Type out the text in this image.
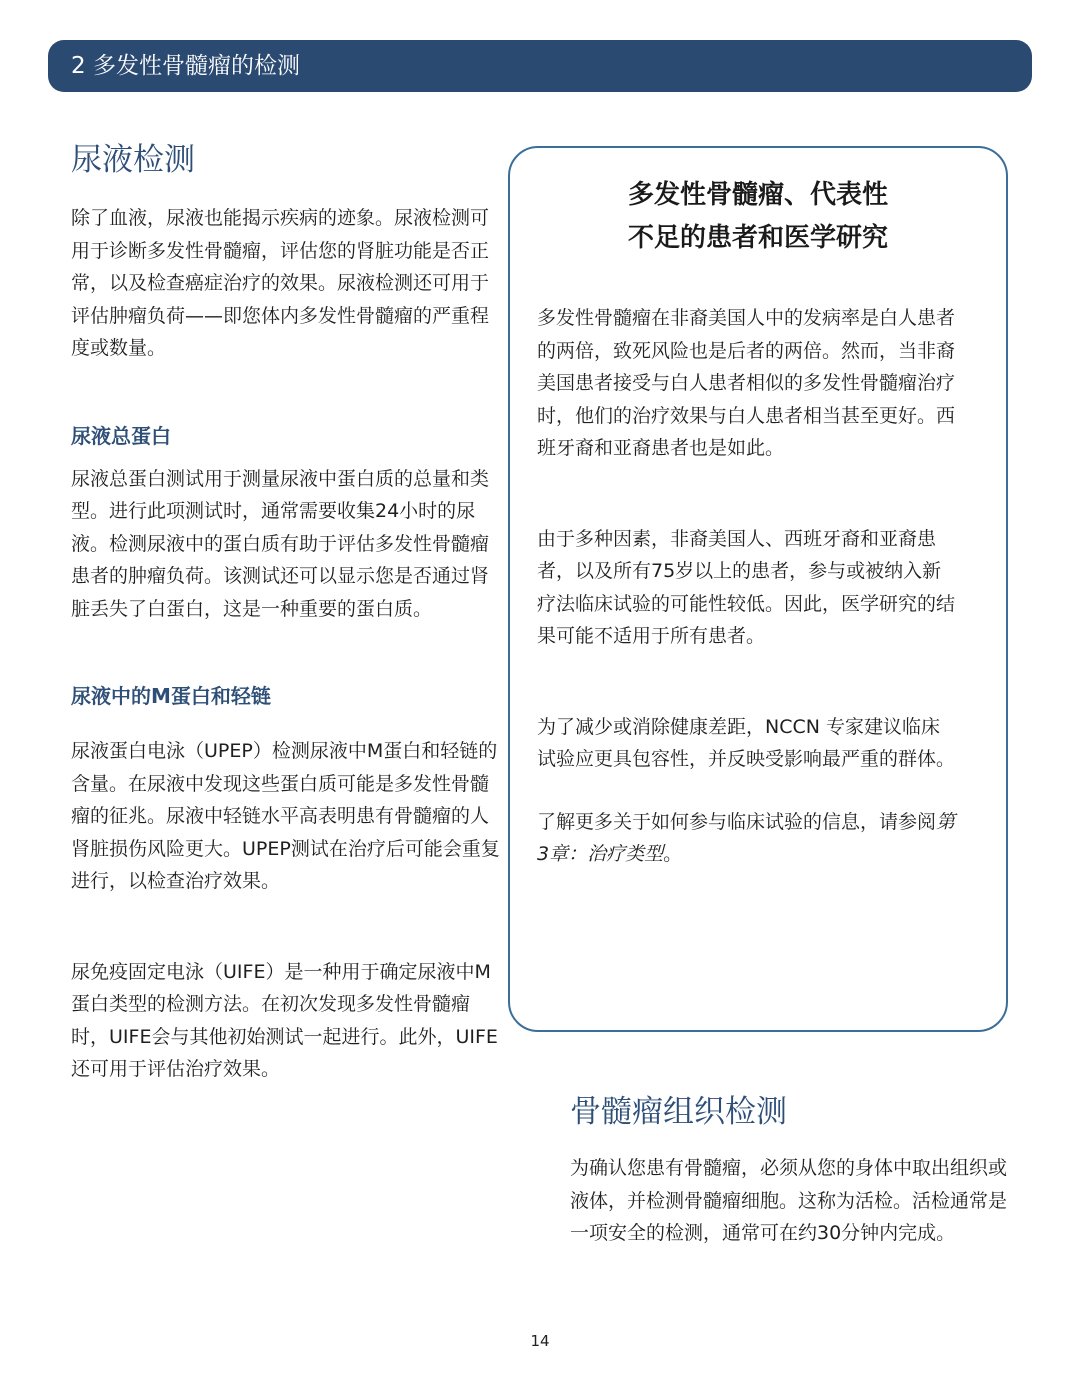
2 多发性骨髓瘤的检测
尿液检测

除了血液，尿液也能揭示疾病的迹象。尿液检测可用于诊断多发性骨髓瘤，评估您的肾脏功能是否正常，以及检查癌症治疗的效果。尿液检测还可用于评估肿瘤负荷——即您体内多发性骨髓瘤的严重程度或数量。

尿液总蛋白

尿液总蛋白测试用于测量尿液中蛋白质的总量和类型。进行此项测试时，通常需要收集24小时的尿液。检测尿液中的蛋白质有助于评估多发性骨髓瘤患者的肿瘤负荷。该测试还可以显示您是否通过肾脏丢失了白蛋白，这是一种重要的蛋白质。

尿液中的M蛋白和轻链

尿液蛋白电泳（UPEP）检测尿液中M蛋白和轻链的含量。在尿液中发现这些蛋白质可能是多发性骨髓瘤的征兆。尿液中轻链水平高表明患有骨髓瘤的人肾脏损伤风险更大。UPEP测试在治疗后可能会重复进行，以检查治疗效果。

尿免疫固定电泳（UIFE）是一种用于确定尿液中M蛋白类型的检测方法。在初次发现多发性骨髓瘤时，UIFE会与其他初始测试一起进行。此外，UIFE还可用于评估治疗效果。

多发性骨髓瘤、代表性
不足的患者和医学研究

多发性骨髓瘤在非裔美国人中的发病率是白人患者的两倍，致死风险也是后者的两倍。然而，当非裔美国患者接受与白人患者相似的多发性骨髓瘤治疗时，他们的治疗效果与白人患者相当甚至更好。西班牙裔和亚裔患者也是如此。

由于多种因素，非裔美国人、西班牙裔和亚裔患者，以及所有75岁以上的患者，参与或被纳入新疗法临床试验的可能性较低。因此，医学研究的结果可能不适用于所有患者。

为了减少或消除健康差距，NCCN 专家建议临床试验应更具包容性，并反映受影响最严重的群体。

了解更多关于如何参与临床试验的信息，请参阅第3章：治疗类型。

骨髓瘤组织检测

为确认您患有骨髓瘤，必须从您的身体中取出组织或液体，并检测骨髓瘤细胞。这称为活检。活检通常是一项安全的检测，通常可在约30分钟内完成。

14
